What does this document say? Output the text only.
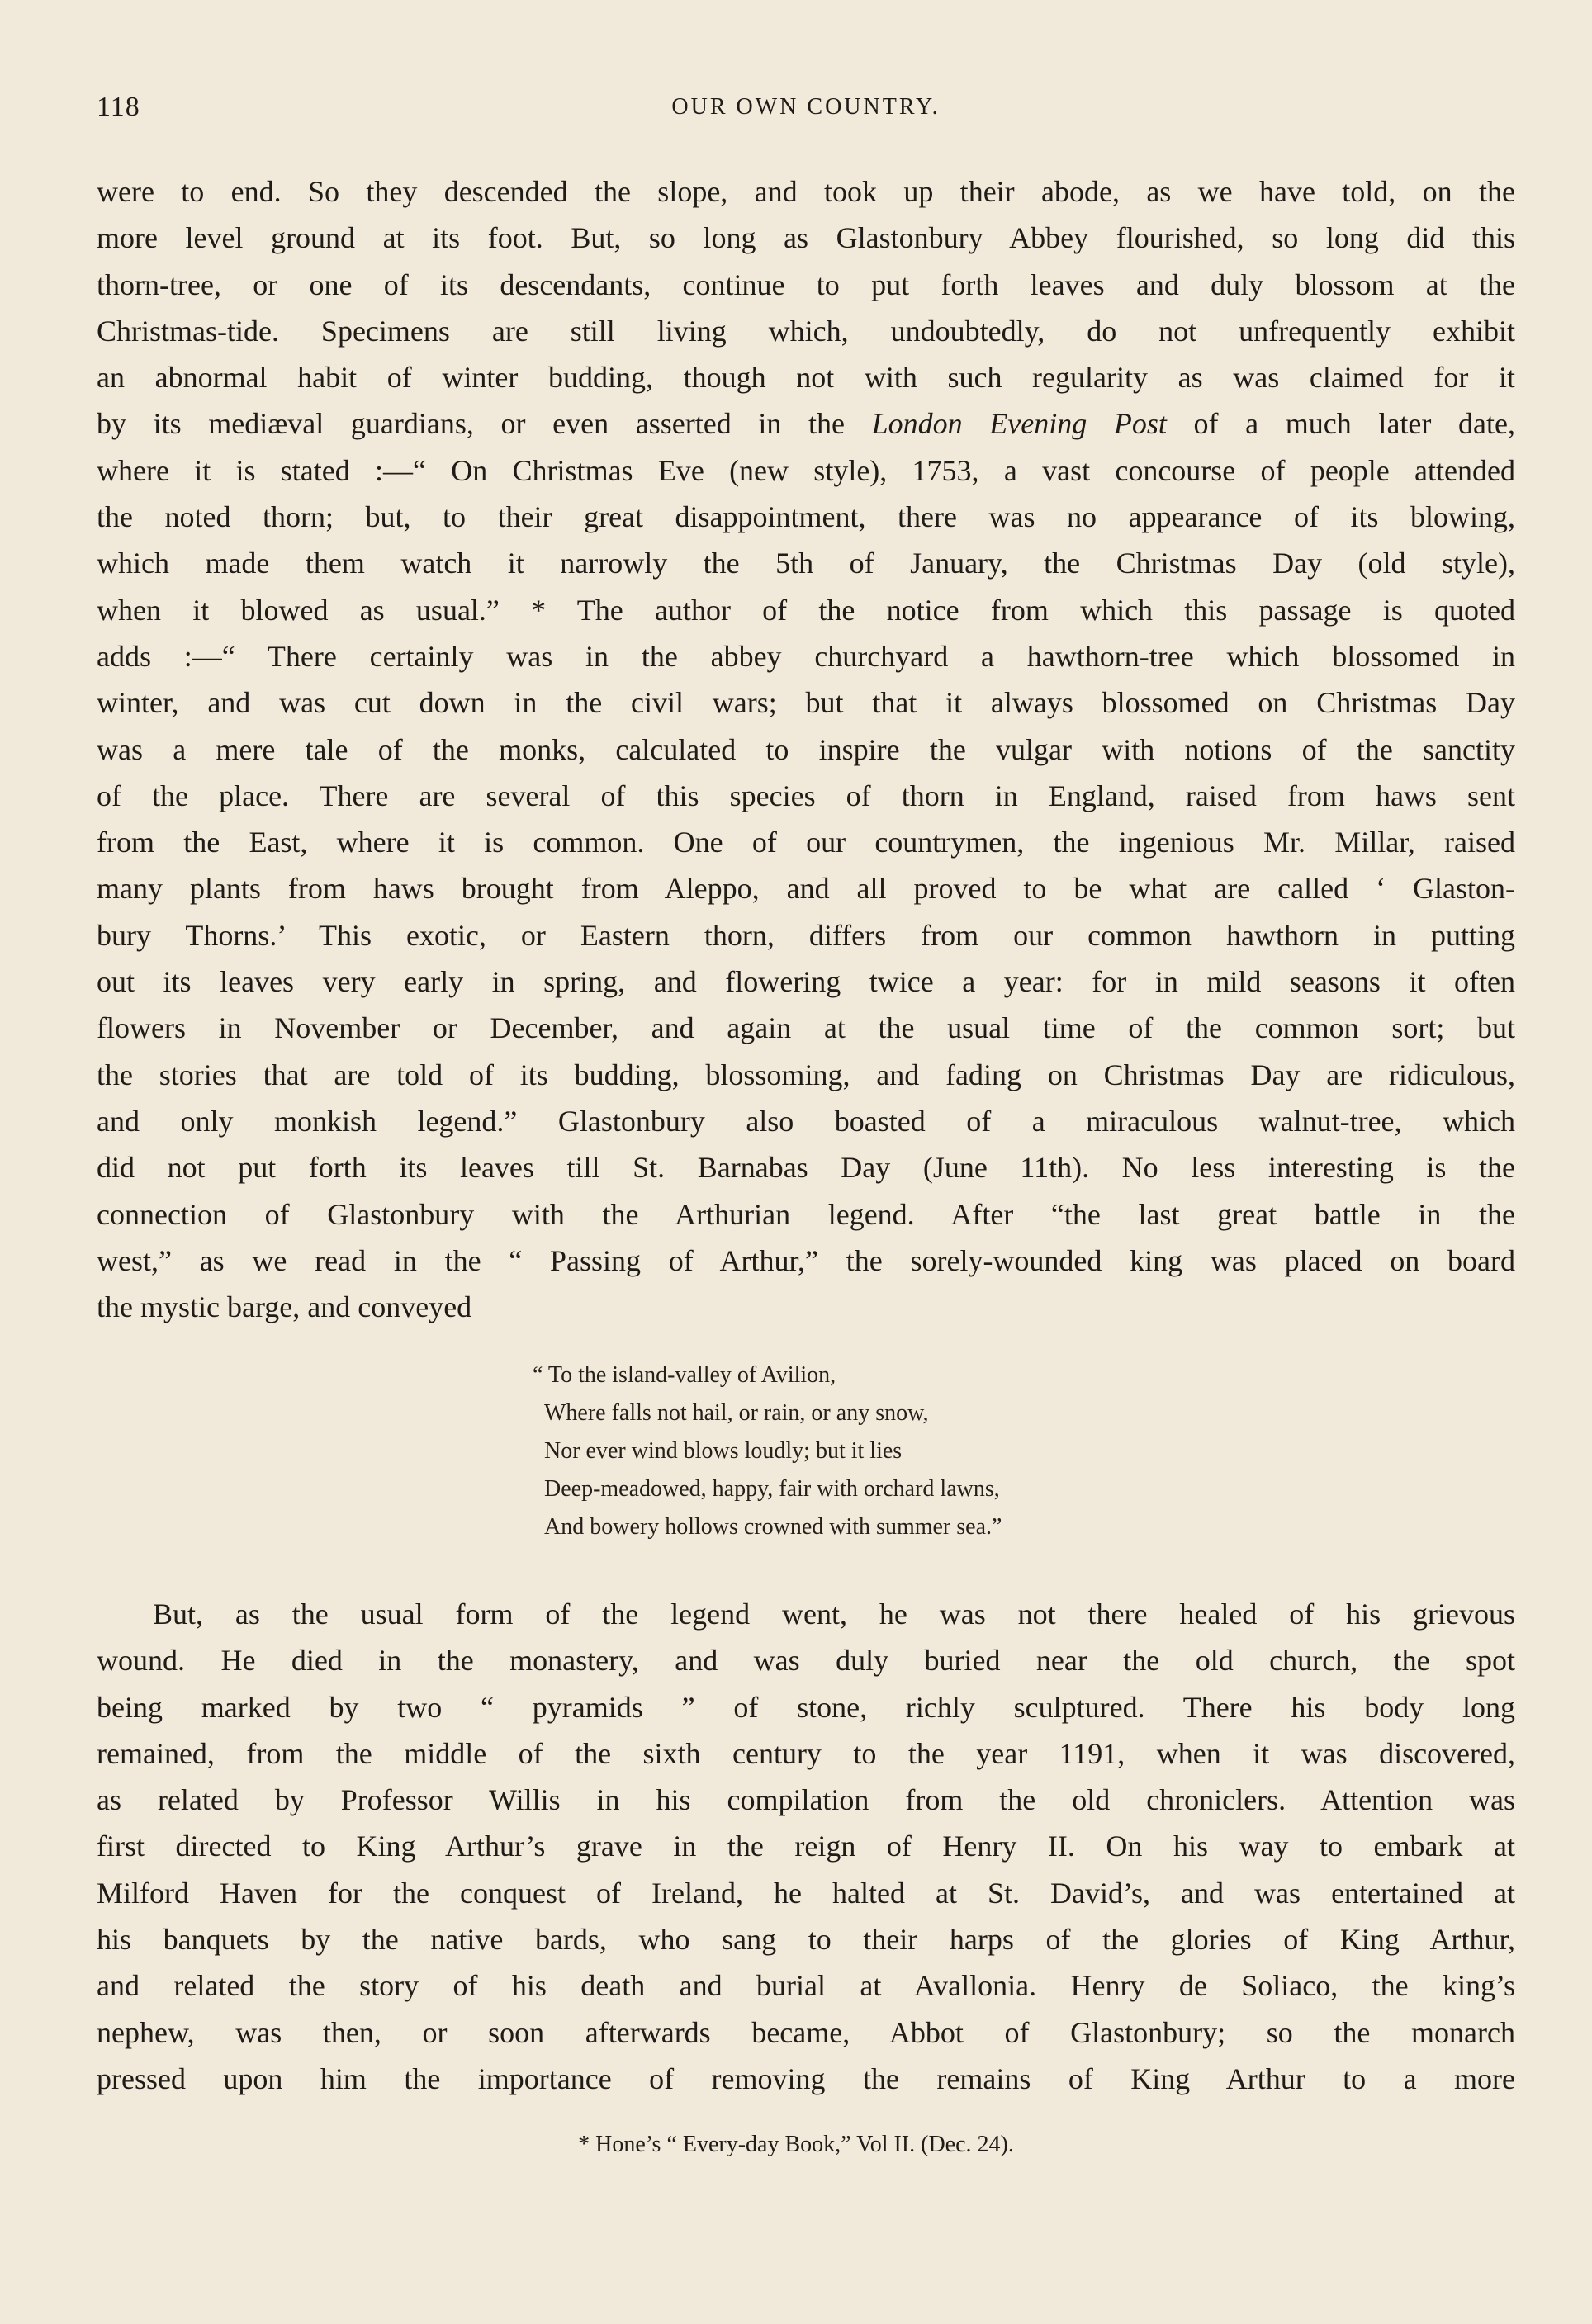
118	OUR OWN COUNTRY.
were to end. So they descended the slope, and took up their abode, as we have told, on the
more level ground at its foot. But, so long as Glastonbury Abbey flourished, so long did this
thorn-tree, or one of its descendants, continue to put forth leaves and duly blossom at the
Christmas-tide. Specimens are still living which, undoubtedly, do not unfrequently exhibit
an abnormal habit of winter budding, though not with such regularity as was claimed for it
by its mediæval guardians, or even asserted in the London Evening Post of a much later date,
where it is stated :—“ On Christmas Eve (new style), 1753, a vast concourse of people attended
the noted thorn; but, to their great disappointment, there was no appearance of its blowing,
which made them watch it narrowly the 5th of January, the Christmas Day (old style),
when it blowed as usual.” * The author of the notice from which this passage is quoted
adds :—“ There certainly was in the abbey churchyard a hawthorn-tree which blossomed in
winter, and was cut down in the civil wars; but that it always blossomed on Christmas Day
was a mere tale of the monks, calculated to inspire the vulgar with notions of the sanctity
of the place. There are several of this species of thorn in England, raised from haws sent
from the East, where it is common. One of our countrymen, the ingenious Mr. Millar, raised
many plants from haws brought from Aleppo, and all proved to be what are called ‘ Glaston-
bury Thorns.’ This exotic, or Eastern thorn, differs from our common hawthorn in putting
out its leaves very early in spring, and flowering twice a year: for in mild seasons it often
flowers in November or December, and again at the usual time of the common sort; but
the stories that are told of its budding, blossoming, and fading on Christmas Day are ridiculous,
and only monkish legend.” Glastonbury also boasted of a miraculous walnut-tree, which
did not put forth its leaves till St. Barnabas Day (June 11th). No less interesting is the
connection of Glastonbury with the Arthurian legend. After “the last great battle in the
west,” as we read in the “ Passing of Arthur,” the sorely-wounded king was placed on board
the mystic barge, and conveyed
“ To the island-valley of Avilion,
Where falls not hail, or rain, or any snow,
Nor ever wind blows loudly; but it lies
Deep-meadowed, happy, fair with orchard lawns,
And bowery hollows crowned with summer sea.”
But, as the usual form of the legend went, he was not there healed of his grievous
wound. He died in the monastery, and was duly buried near the old church, the spot
being marked by two “ pyramids ” of stone, richly sculptured. There his body long
remained, from the middle of the sixth century to the year 1191, when it was discovered,
as related by Professor Willis in his compilation from the old chroniclers. Attention was
first directed to King Arthur’s grave in the reign of Henry II. On his way to embark at
Milford Haven for the conquest of Ireland, he halted at St. David’s, and was entertained at
his banquets by the native bards, who sang to their harps of the glories of King Arthur,
and related the story of his death and burial at Avallonia. Henry de Soliaco, the king’s
nephew, was then, or soon afterwards became, Abbot of Glastonbury; so the monarch
pressed upon him the importance of removing the remains of King Arthur to a more
* Hone’s “ Every-day Book,” Vol II. (Dec. 24).
